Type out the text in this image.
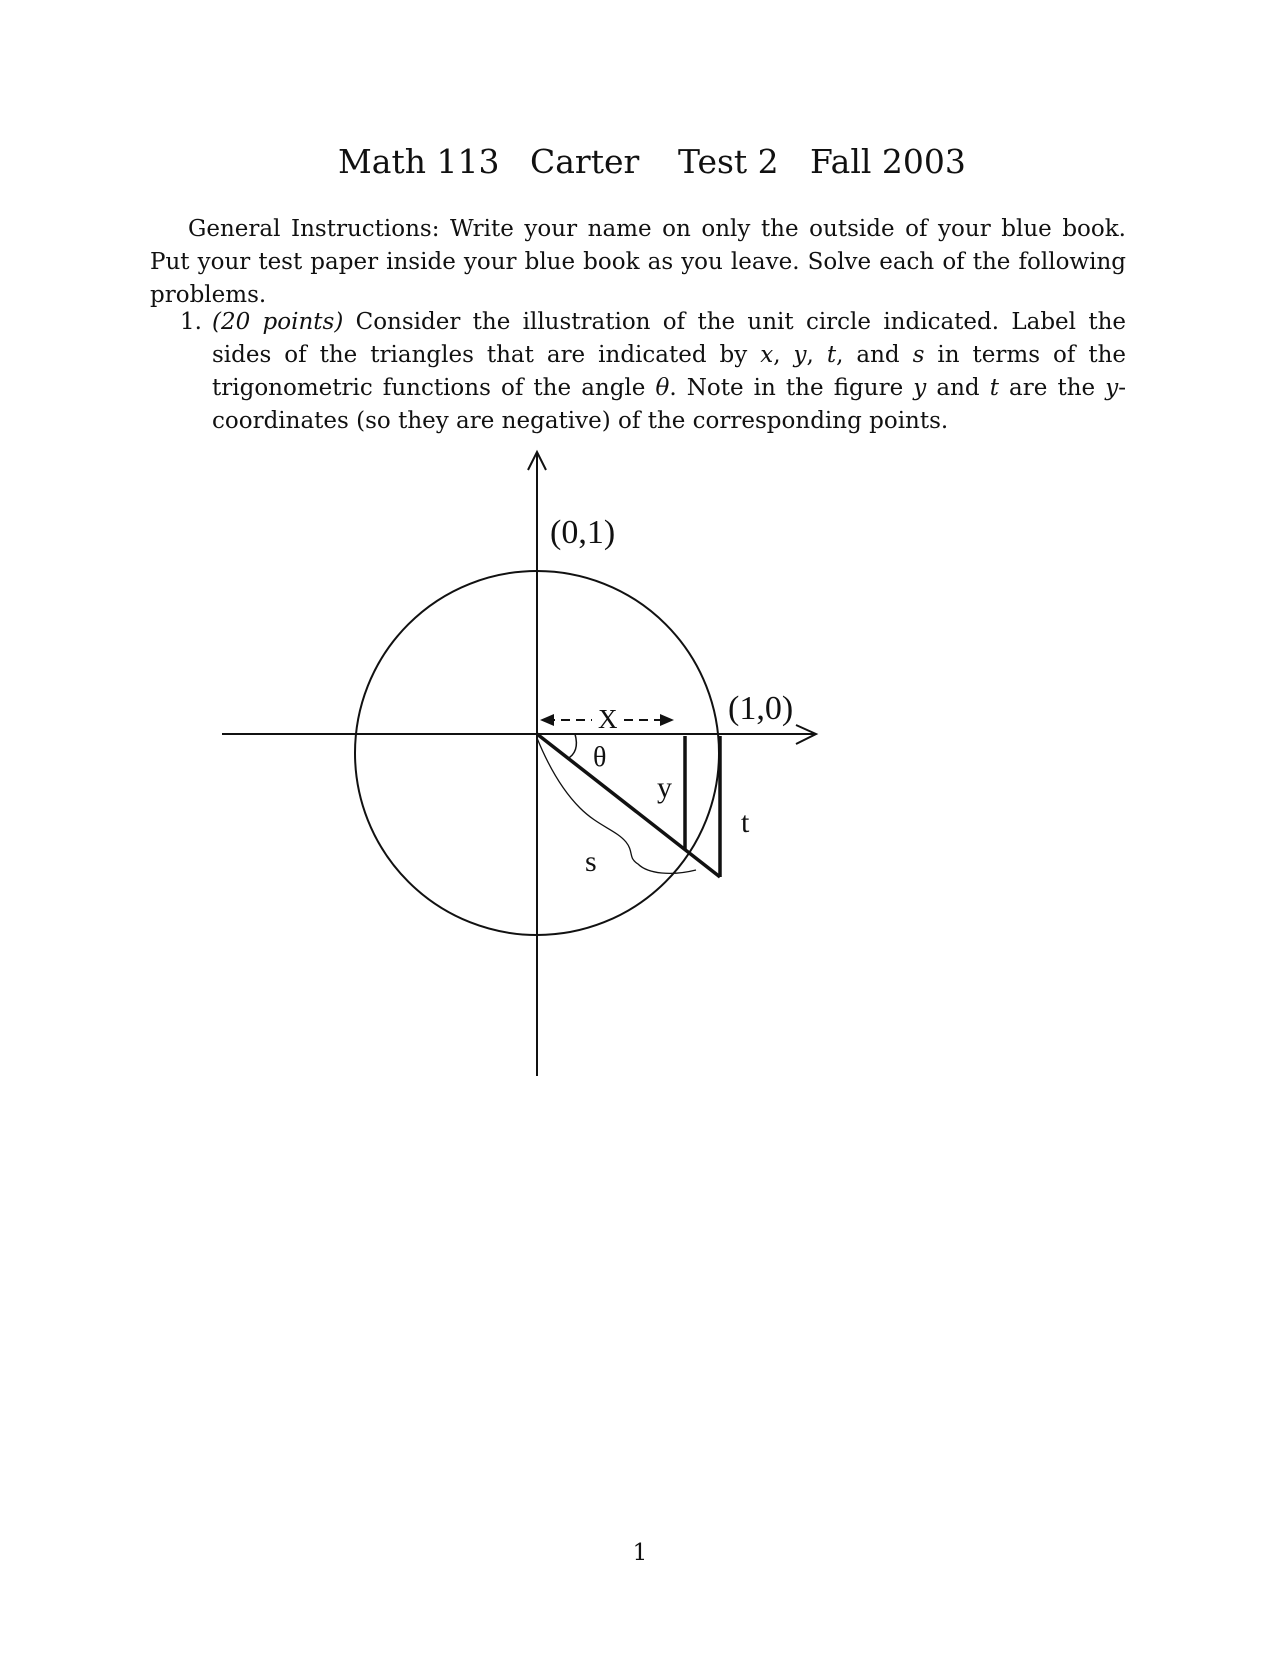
Math 113 Carter Test 2 Fall 2003

General Instructions: Write your name on only the outside of your blue book. Put your test paper inside your blue book as you leave. Solve each of the following problems.

1. (20 points) Consider the illustration of the unit circle indicated. Label the sides of the triangles that are indicated by x, y, t, and s in terms of the trigonometric functions of the angle θ. Note in the figure y and t are the y-coordinates (so they are negative) of the corresponding points.
(0,1)
(1,0)
X
θ
y
t
s
1
